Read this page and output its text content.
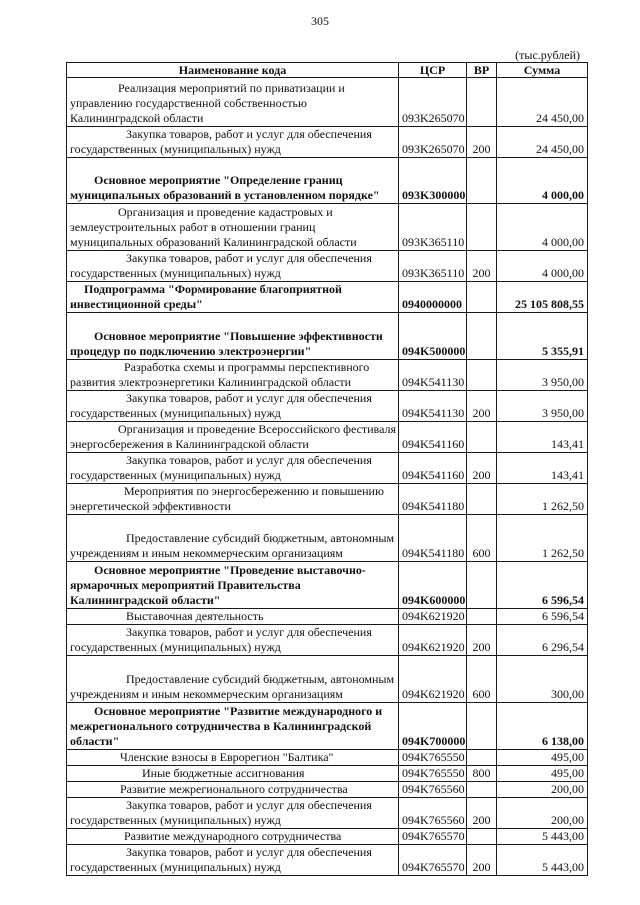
305
(тыс.рублей)
Наименование кода	ЦСР	ВР	Сумма

Реализация мероприятий по приватизации и
управлению государственной собственностью
Калининградской области	093K265070		24 450,00

Закупка товаров, работ и услуг для обеспечения
государственных (муниципальных) нужд	093K265070	200	24 450,00

Основное мероприятие "Определение границ
муниципальных образований в установленном порядке"	093K300000		4 000,00

Организация и проведение кадастровых и
землеустроительных работ в отношении границ
муниципальных образований Калининградской области	093K365110		4 000,00

Закупка товаров, работ и услуг для обеспечения
государственных (муниципальных) нужд	093K365110	200	4 000,00

Подпрограмма "Формирование благоприятной
инвестиционной среды"	0940000000		25 105 808,55

Основное мероприятие "Повышение эффективности
процедур по подключению электроэнергии"	094K500000		5 355,91

Разработка схемы и программы перспективного
развития электроэнергетики Калининградской области	094K541130		3 950,00

Закупка товаров, работ и услуг для обеспечения
государственных (муниципальных) нужд	094K541130	200	3 950,00

Организация и проведение Всероссийского фестиваля
энергосбережения в Калининградской области	094K541160		143,41

Закупка товаров, работ и услуг для обеспечения
государственных (муниципальных) нужд	094K541160	200	143,41

Мероприятия по энергосбережению и повышению
энергетической эффективности	094K541180		1 262,50

Предоставление субсидий бюджетным, автономным
учреждениям и иным некоммерческим организациям	094K541180	600	1 262,50

Основное мероприятие "Проведение выставочно-
ярмарочных мероприятий Правительства
Калининградской области"	094K600000		6 596,54

Выставочная деятельность	094K621920		6 596,54

Закупка товаров, работ и услуг для обеспечения
государственных (муниципальных) нужд	094K621920	200	6 296,54

Предоставление субсидий бюджетным, автономным
учреждениям и иным некоммерческим организациям	094K621920	600	300,00

Основное мероприятие "Развитие международного и
межрегионального сотрудничества в Калининградской
области"	094K700000		6 138,00

Членские взносы в Еврорегион "Балтика"	094K765550		495,00

Иные бюджетные ассигнования	094K765550	800	495,00

Развитие межрегионального сотрудничества	094K765560		200,00

Закупка товаров, работ и услуг для обеспечения
государственных (муниципальных) нужд	094K765560	200	200,00

Развитие международного сотрудничества	094K765570		5 443,00

Закупка товаров, работ и услуг для обеспечения
государственных (муниципальных) нужд	094K765570	200	5 443,00
